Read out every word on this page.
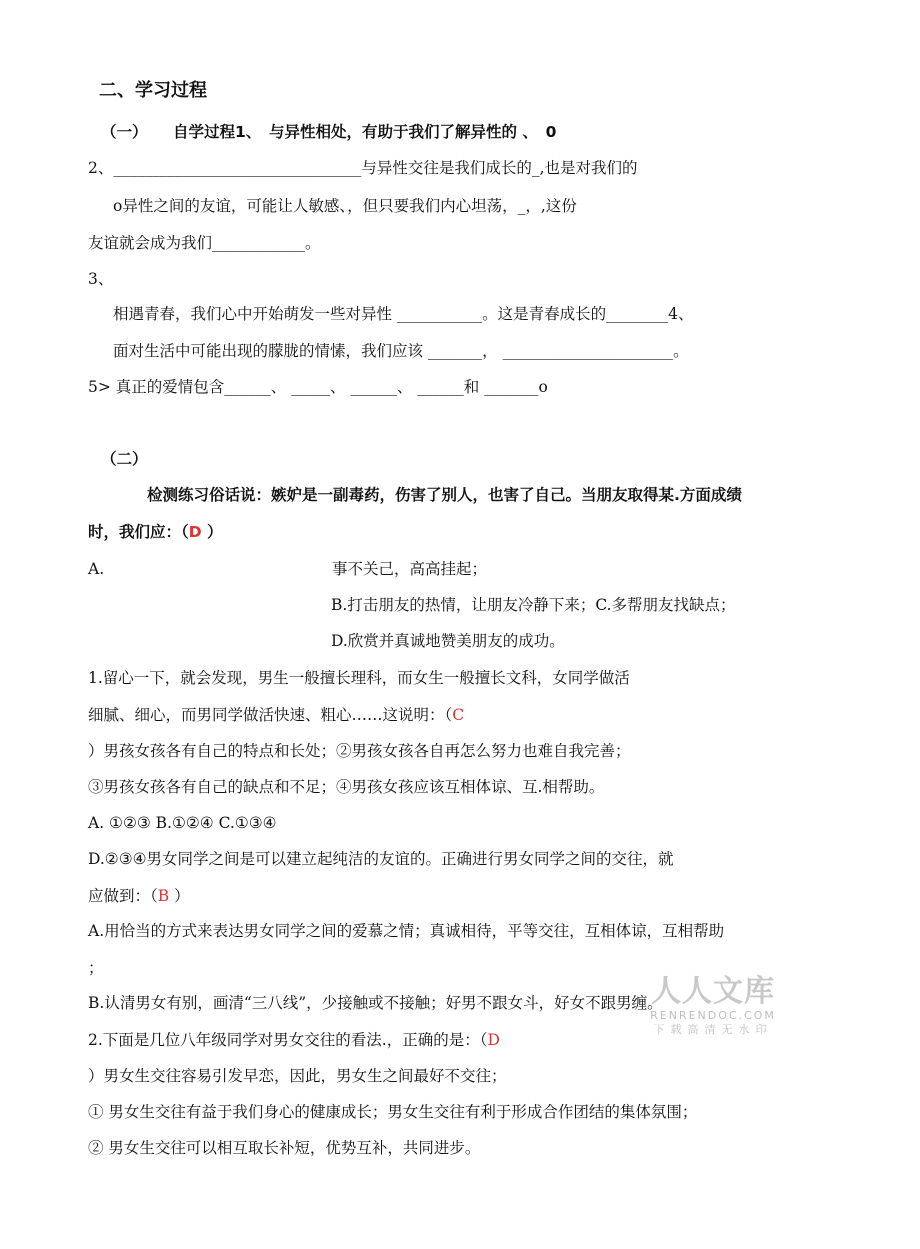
二、学习过程
（一） 自学过程1、　与异性相处，有助于我们了解异性的 、　0
2、________________________________与异性交往是我们成长的_,也是对我们的
o异性之间的友谊，可能让人敏感、，但只要我们内心坦荡，_，,这份
友谊就会成为我们____________。
3、
相遇青春，我们心中开始萌发一些对异性 ___________。这是青春成长的________4、
面对生活中可能出现的朦胧的情愫，我们应该 _______， ______________________。
5> 真正的爱情包含______、 _____、 ______、 ______和 _______o
（二）
检测练习俗话说：嫉妒是一副毒药，伤害了别人，也害了自己。当朋友取得某.方面成绩
时，我们应：（D ）
A.	事不关己，高高挂起；
B.打击朋友的热情，让朋友冷静下来；C.多帮朋友找缺点；
D.欣赏并真诚地赞美朋友的成功。
1.留心一下，就会发现，男生一般擅长理科，而女生一般擅长文科，女同学做活
细腻、细心，而男同学做活快速、粗心……这说明：（C
）男孩女孩各有自己的特点和长处；②男孩女孩各自再怎么努力也难自我完善；
③男孩女孩各有自己的缺点和不足；④男孩女孩应该互相体谅、互.相帮助。
A. ①②③ B.①②④ C.①③④
D.②③④男女同学之间是可以建立起纯洁的友谊的。正确进行男女同学之间的交往，就
应做到：（B ）
A.用恰当的方式来表达男女同学之间的爱慕之情；真诚相待，平等交往，互相体谅，互相帮助
；
B.认清男女有别，画清“三八线”，少接触或不接触；好男不跟女斗，好女不跟男缠。
2.下面是几位八年级同学对男女交往的看法.，正确的是：（D
）男女生交往容易引发早恋，因此，男女生之间最好不交往；
① 男女生交往有益于我们身心的健康成长；男女生交往有利于形成合作团结的集体氛围；
② 男女生交往可以相互取长补短，优势互补，共同进步。
人人文库
RENRENDOC.COM
下载高清无水印
